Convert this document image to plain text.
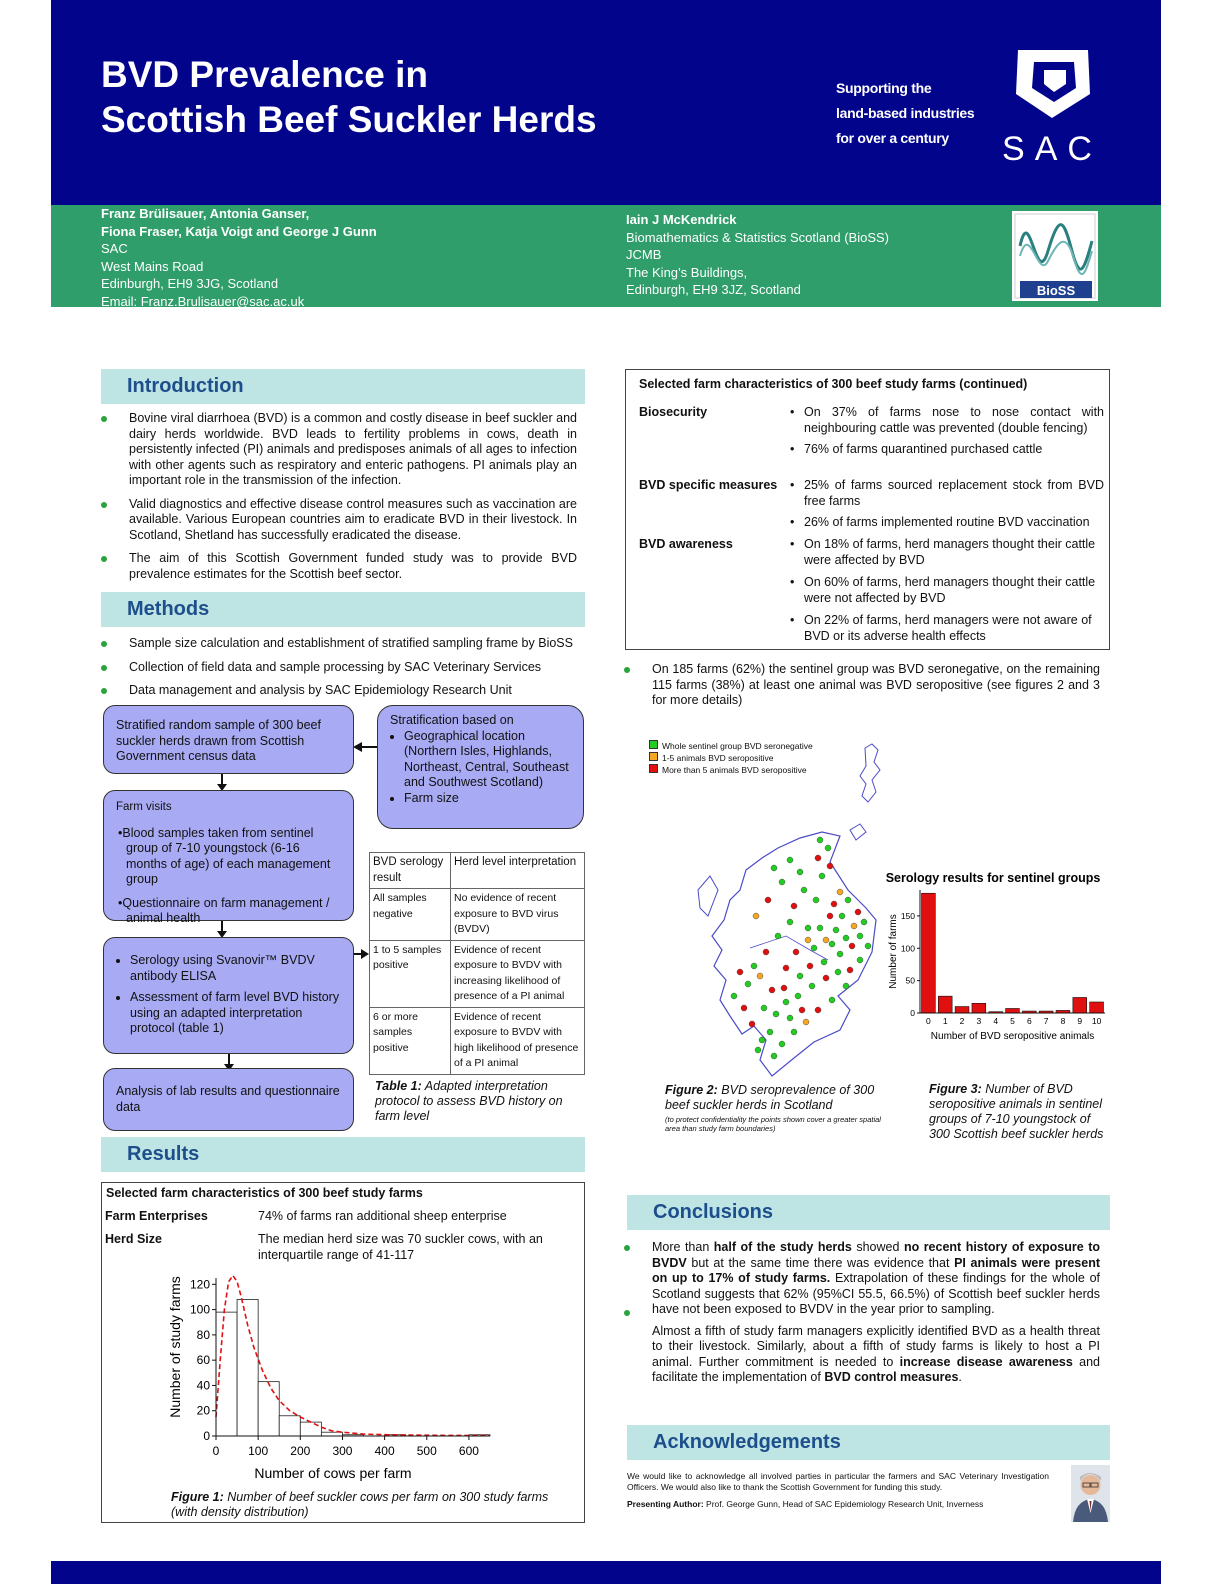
BVD Prevalence in
Scottish Beef Suckler Herds
Supporting the
land-based industries
for over a century	SAC
Franz Brülisauer, Antonia Ganser,
Fiona Fraser, Katja Voigt and George J Gunn
SAC
West Mains Road
Edinburgh, EH9 3JG, Scotland
Email: Franz.Brulisauer@sac.ac.uk
Iain J McKendrick
Biomathematics & Statistics Scotland (BioSS)
JCMB
The King’s Buildings,
Edinburgh, EH9 3JZ, Scotland	BioSS
Introduction
Bovine viral diarrhoea (BVD) is a common and costly disease in beef suckler and dairy herds worldwide. BVD leads to fertility problems in cows, death in persistently infected (PI) animals and predisposes animals of all ages to infection with other agents such as respiratory and enteric pathogens. PI animals play an important role in the transmission of the infection.
Valid diagnostics and effective disease control measures such as vaccination are available. Various European countries aim to eradicate BVD in their livestock. In Scotland, Shetland has successfully eradicated the disease.
The aim of this Scottish Government funded study was to provide BVD prevalence estimates for the Scottish beef sector.
Methods
Sample size calculation and establishment of stratified sampling frame by BioSS
Collection of field data and sample processing by SAC Veterinary Services
Data management and analysis by SAC Epidemiology Research Unit
Stratified random sample of 300 beef suckler herds drawn from Scottish Government census data
Stratification based on
• Geographical location (Northern Isles, Highlands, Northeast, Central, Southeast and Southwest Scotland)
• Farm size
Farm visits
•Blood samples taken from sentinel group of 7-10 youngstock (6-16 months of age) of each management group
•Questionnaire on farm management / animal health
• Serology using Svanovir™ BVDV antibody ELISA
• Assessment of farm level BVD history using an adapted interpretation protocol (table 1)
Analysis of lab results and questionnaire data
BVD serology result	Herd level interpretation
All samples negative	No evidence of recent exposure to BVD virus (BVDV)
1 to 5 samples positive	Evidence of recent exposure to BVDV with increasing likelihood of presence of a PI animal
6 or more samples positive	Evidence of recent exposure to BVDV with high likelihood of presence of a PI animal
Table 1: Adapted interpretation protocol to assess BVD history on farm level
Results
Selected farm characteristics of 300 beef study farms
Farm Enterprises	74% of farms ran additional sheep enterprise
Herd Size	The median herd size was 70 suckler cows, with an interquartile range of 41-117
0 100 200 300 400 500 600
0
20
40
60
80
100
120
Number of cows per farm
Number of study farms
Figure 1: Number of beef suckler cows per farm on 300 study farms (with density distribution)
Selected farm characteristics of 300 beef study farms (continued)
Biosecurity	• On 37% of farms nose to nose contact with neighbouring cattle was prevented (double fencing)
• 76% of farms quarantined purchased cattle
BVD specific measures	• 25% of farms sourced replacement stock from BVD free farms
• 26% of farms implemented routine BVD vaccination
BVD awareness	• On 18% of farms, herd managers thought their cattle were affected by BVD
• On 60% of farms, herd managers thought their cattle were not affected by BVD
• On 22% of farms, herd managers were not aware of BVD or its adverse health effects
On 185 farms (62%) the sentinel group was BVD seronegative, on the remaining 115 farms (38%) at least one animal was BVD seropositive (see figures 2 and 3 for more details)
Whole sentinel group BVD seronegative
1-5 animals BVD seropositive
More than 5 animals BVD seropositive
Figure 2: BVD seroprevalence of 300 beef suckler herds in Scotland
(to protect confidentiality the points shown cover a greater spatial area than study farm boundaries)
Serology results for sentinel groups
0 1 2 3 4 5 6 7 8 9 10
0
50
100
150
Number of BVD seropositive animals
Number of farms
Figure 3: Number of BVD seropositive animals in sentinel groups of 7-10 youngstock of 300 Scottish beef suckler herds
Conclusions
More than half of the study herds showed no recent history of exposure to BVDV but at the same time there was evidence that PI animals were present on up to 17% of study farms. Extrapolation of these findings for the whole of Scotland suggests that 62% (95%CI 55.5, 66.5%) of Scottish beef suckler herds have not been exposed to BVDV in the year prior to sampling.
Almost a fifth of study farm managers explicitly identified BVD as a health threat to their livestock. Similarly, about a fifth of study farms is likely to host a PI animal. Further commitment is needed to increase disease awareness and facilitate the implementation of BVD control measures.
Acknowledgements
We would like to acknowledge all involved parties in particular the farmers and SAC Veterinary Investigation Officers. We would also like to thank the Scottish Government for funding this study.
Presenting Author: Prof. George Gunn, Head of SAC Epidemiology Research Unit, Inverness
